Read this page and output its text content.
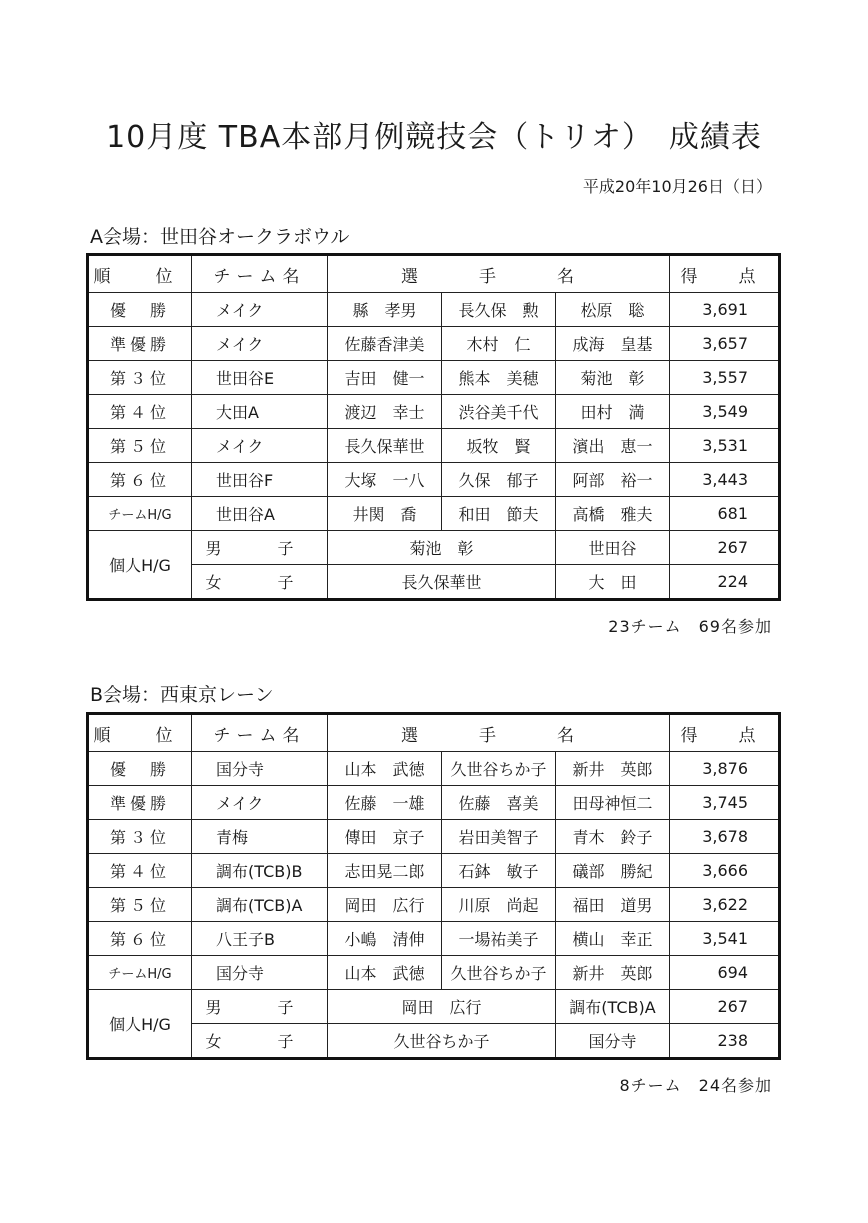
10月度 TBA本部月例競技会（トリオ）　成績表
平成20年10月26日（日）
A会場：世田谷オークラボウル
順　位	チーム名	選　手　名			得　点
優　勝	メイク	縣　孝男	長久保　勲	松原　聡	3,691
準優勝	メイク	佐藤香津美	木村　仁	成海　皇基	3,657
第３位	世田谷E	吉田　健一	熊本　美穂	菊池　彰	3,557
第４位	大田A	渡辺　幸士	渋谷美千代	田村　満	3,549
第５位	メイク	長久保華世	坂牧　賢	濱出　恵一	3,531
第６位	世田谷F	大塚　一八	久保　郁子	阿部　裕一	3,443
チームH/G	世田谷A	井関　喬	和田　節夫	高橋　雅夫	681
個人H/G	男　子	菊池　彰		世田谷	267
	女　子	長久保華世		大　田	224
23チーム　69名参加
B会場：西東京レーン
順　位	チーム名	選　手　名			得　点
優　勝	国分寺	山本　武徳	久世谷ちか子	新井　英郎	3,876
準優勝	メイク	佐藤　一雄	佐藤　喜美	田母神恒二	3,745
第３位	青梅	傳田　京子	岩田美智子	青木　鈴子	3,678
第４位	調布(TCB)B	志田晃二郎	石鉢　敏子	礒部　勝紀	3,666
第５位	調布(TCB)A	岡田　広行	川原　尚起	福田　道男	3,622
第６位	八王子B	小嶋　清伸	一場祐美子	横山　幸正	3,541
チームH/G	国分寺	山本　武徳	久世谷ちか子	新井　英郎	694
個人H/G	男　子	岡田　広行		調布(TCB)A	267
	女　子	久世谷ちか子		国分寺	238
8チーム　24名参加
